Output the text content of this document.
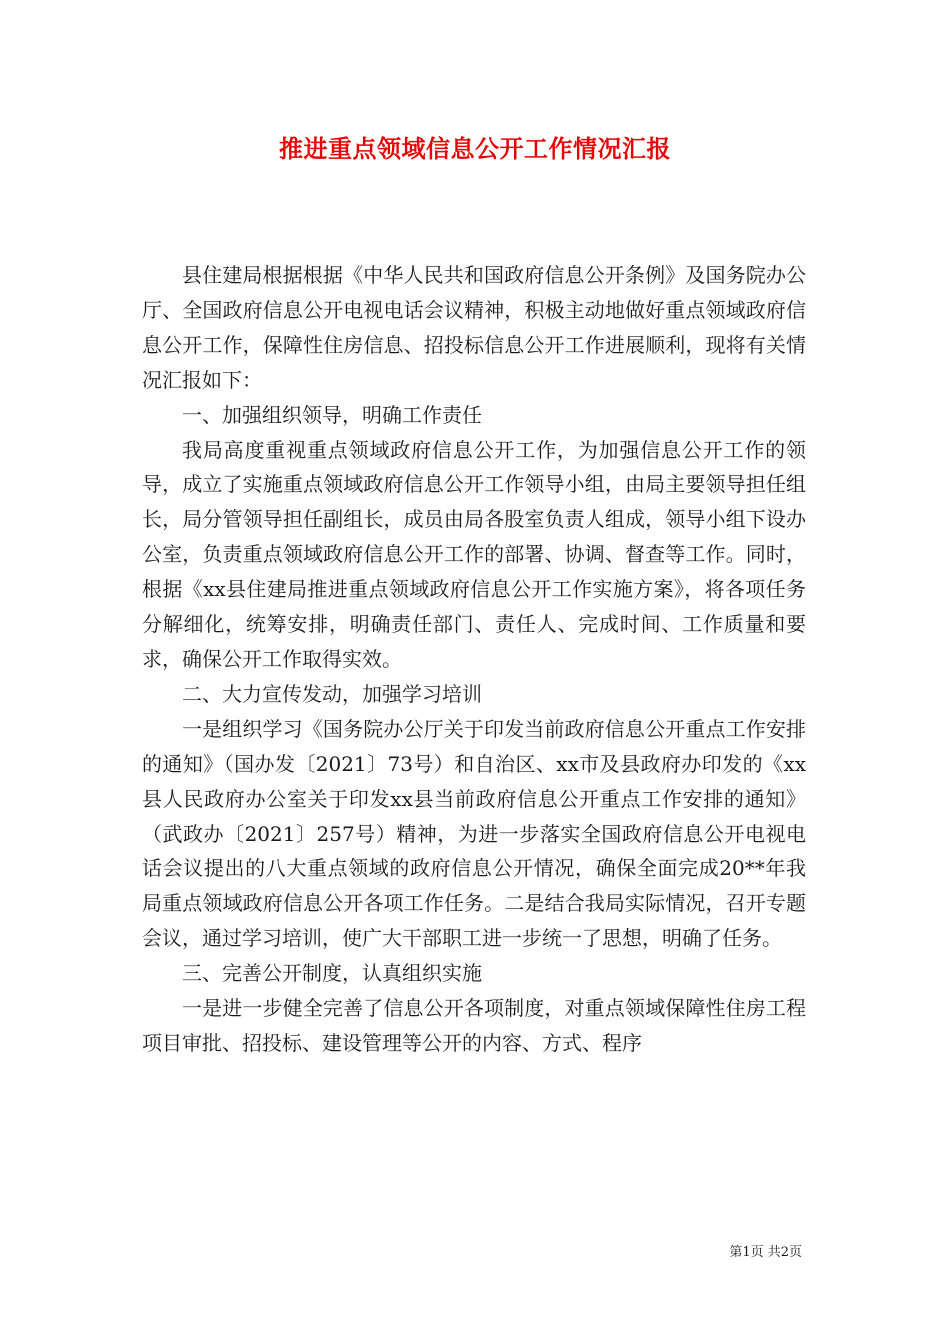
推进重点领域信息公开工作情况汇报

县住建局根据根据《中华人民共和国政府信息公开条例》及国务院办公厅、全国政府信息公开电视电话会议精神，积极主动地做好重点领域政府信息公开工作，保障性住房信息、招投标信息公开工作进展顺利，现将有关情况汇报如下：

一、加强组织领导，明确工作责任

我局高度重视重点领域政府信息公开工作，为加强信息公开工作的领导，成立了实施重点领域政府信息公开工作领导小组，由局主要领导担任组长，局分管领导担任副组长，成员由局各股室负责人组成，领导小组下设办公室，负责重点领域政府信息公开工作的部署、协调、督查等工作。同时，根据《xx县住建局推进重点领域政府信息公开工作实施方案》，将各项任务分解细化，统筹安排，明确责任部门、责任人、完成时间、工作质量和要求，确保公开工作取得实效。

二、大力宣传发动，加强学习培训

一是组织学习《国务院办公厅关于印发当前政府信息公开重点工作安排的通知》（国办发〔2021〕73号）和自治区、xx市及县政府办印发的《xx县人民政府办公室关于印发xx县当前政府信息公开重点工作安排的通知》（武政办〔2021〕257号）精神，为进一步落实全国政府信息公开电视电话会议提出的八大重点领域的政府信息公开情况，确保全面完成20**年我局重点领域政府信息公开各项工作任务。二是结合我局实际情况，召开专题会议，通过学习培训，使广大干部职工进一步统一了思想，明确了任务。

三、完善公开制度，认真组织实施

一是进一步健全完善了信息公开各项制度，对重点领域保障性住房工程项目审批、招投标、建设管理等公开的内容、方式、程序

第1页 共2页
